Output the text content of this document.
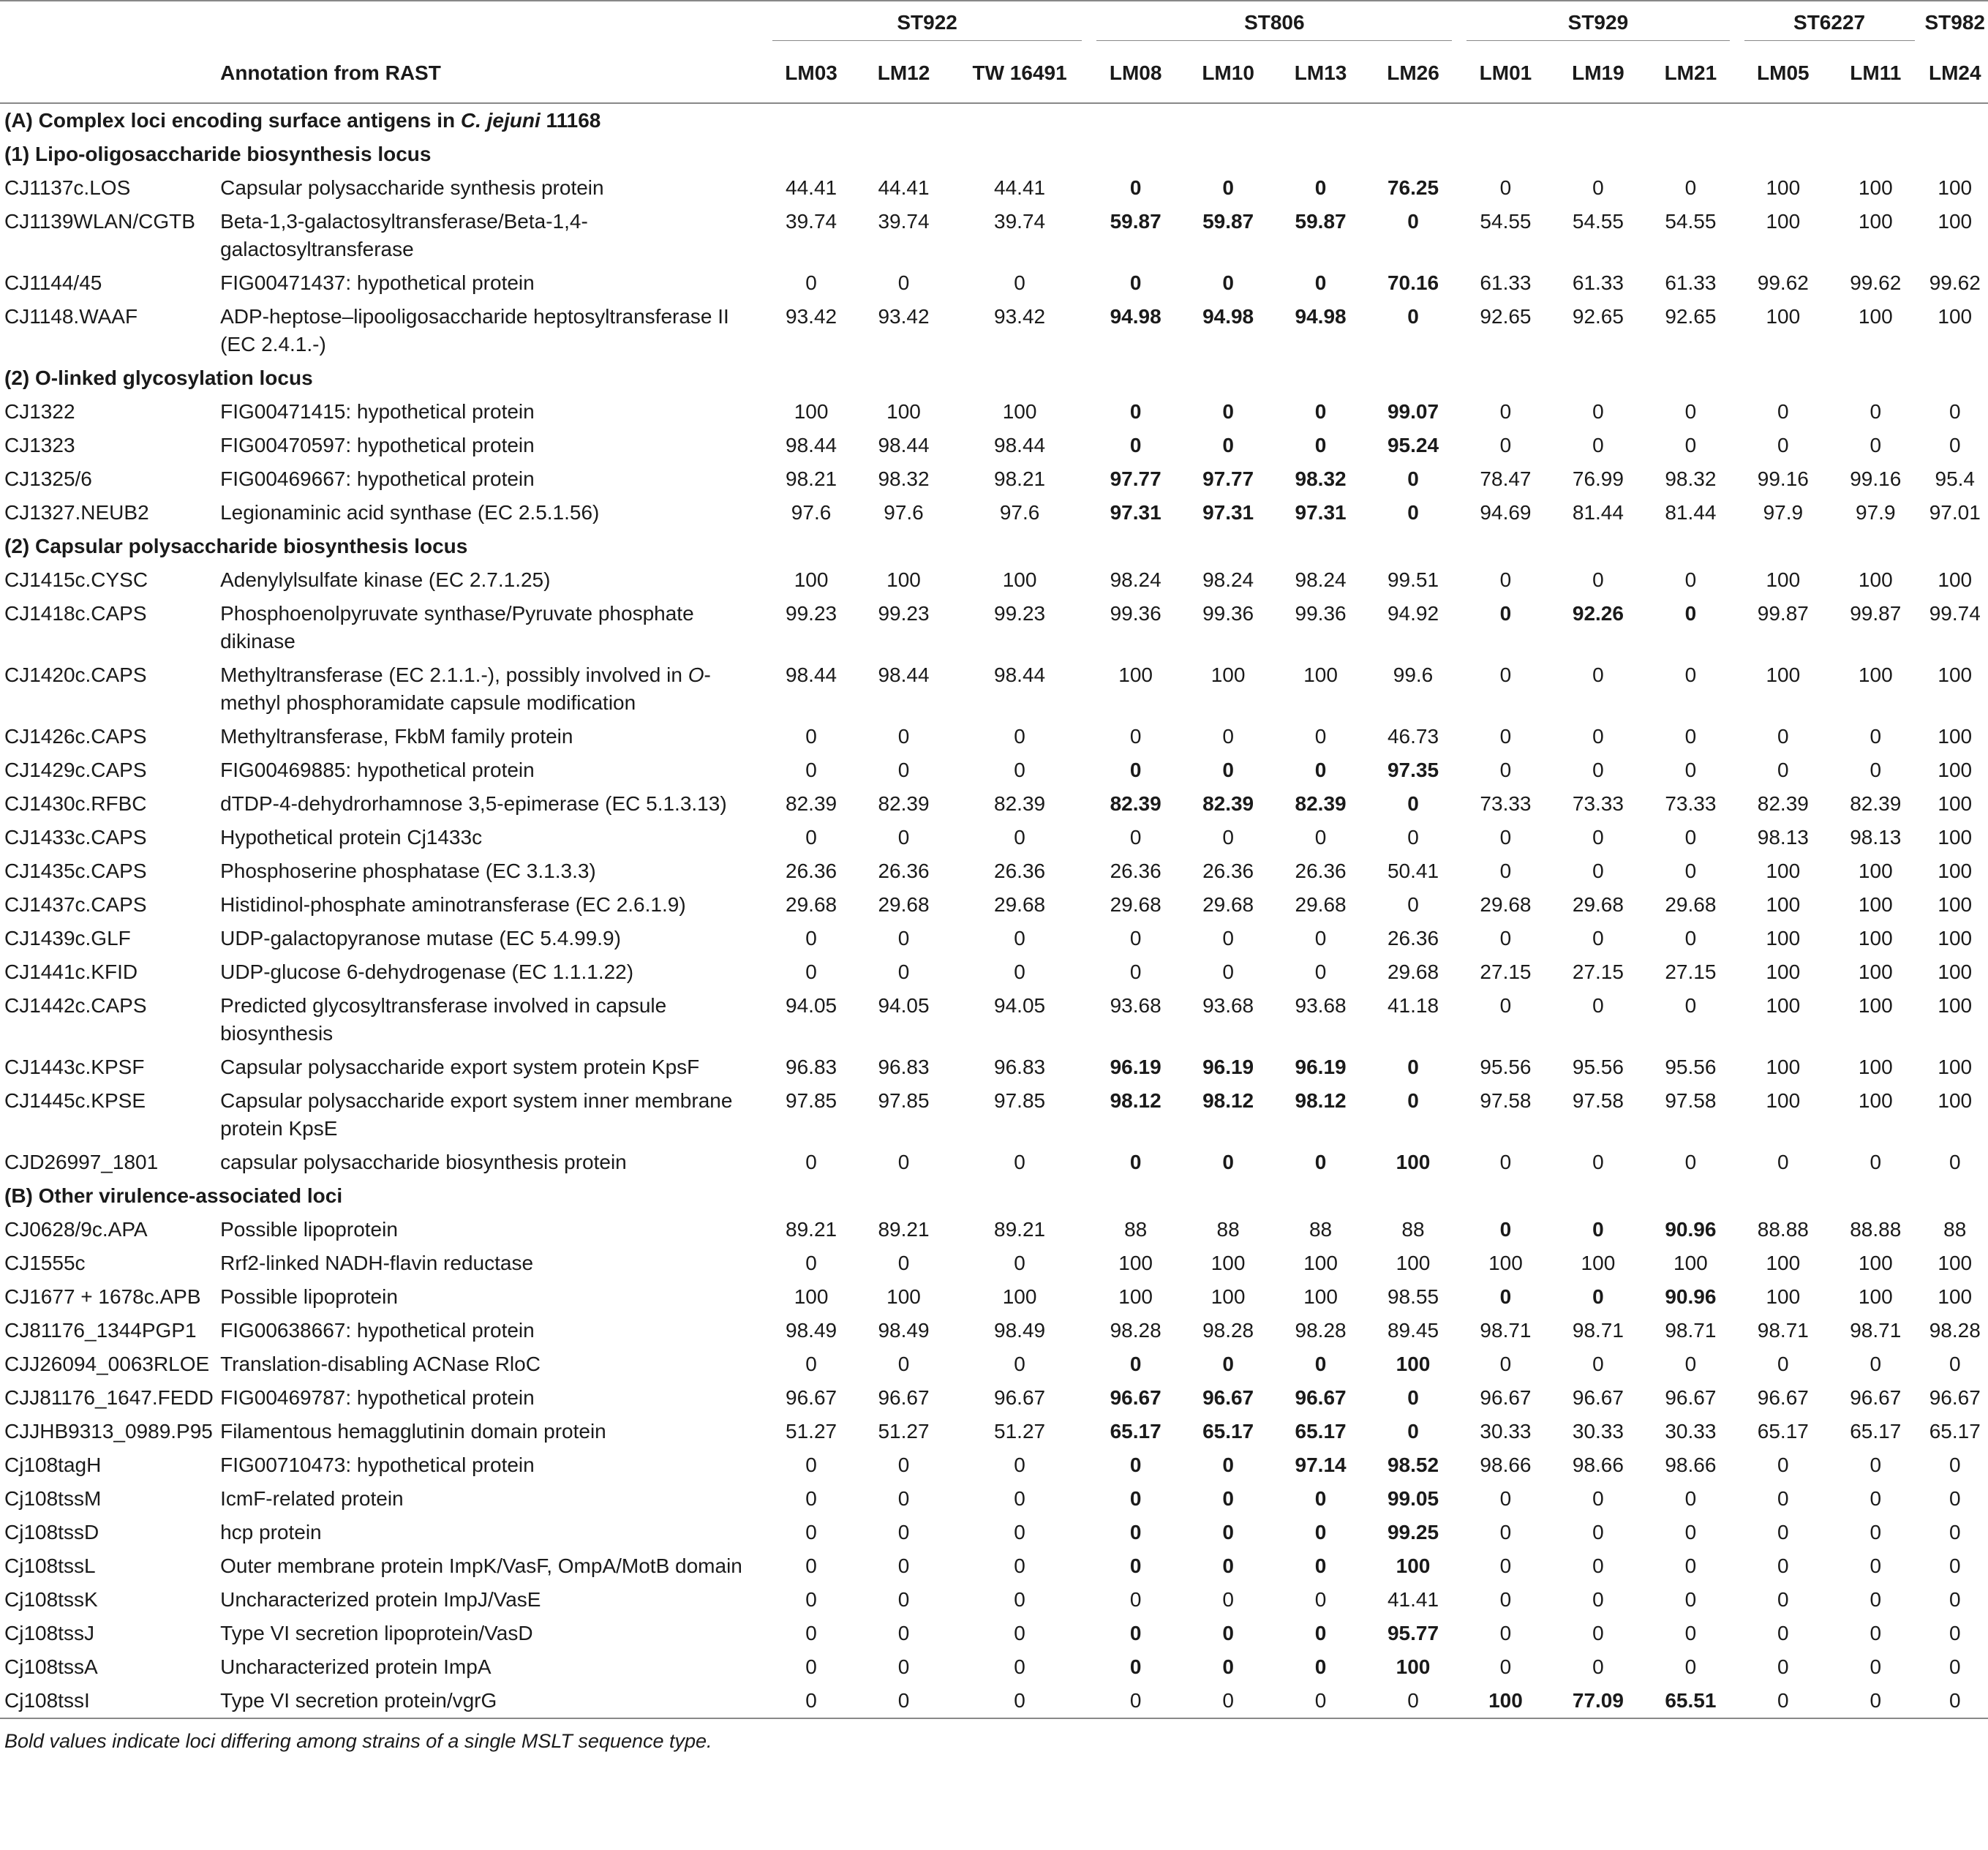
		ST922			ST806				ST929			ST6227		ST982
	Annotation from RAST	LM03	LM12	TW 16491	LM08	LM10	LM13	LM26	LM01	LM19	LM21	LM05	LM11	LM24
(A) Complex loci encoding surface antigens in C. jejuni 11168														
(1) Lipo-oligosaccharide biosynthesis locus														
CJ1137c.LOS	Capsular polysaccharide synthesis protein	44.41	44.41	44.41	0	0	0	76.25	0	0	0	100	100	100
CJ1139WLAN/CGTB	Beta-1,3-galactosyltransferase/Beta-1,4-galactosyltransferase	39.74	39.74	39.74	59.87	59.87	59.87	0	54.55	54.55	54.55	100	100	100
CJ1144/45	FIG00471437: hypothetical protein	0	0	0	0	0	0	70.16	61.33	61.33	61.33	99.62	99.62	99.62
CJ1148.WAAF	ADP-heptose–lipooligosaccharide heptosyltransferase II (EC 2.4.1.-)	93.42	93.42	93.42	94.98	94.98	94.98	0	92.65	92.65	92.65	100	100	100
(2) O-linked glycosylation locus														
CJ1322	FIG00471415: hypothetical protein	100	100	100	0	0	0	99.07	0	0	0	0	0	0
CJ1323	FIG00470597: hypothetical protein	98.44	98.44	98.44	0	0	0	95.24	0	0	0	0	0	0
CJ1325/6	FIG00469667: hypothetical protein	98.21	98.32	98.21	97.77	97.77	98.32	0	78.47	76.99	98.32	99.16	99.16	95.4
CJ1327.NEUB2	Legionaminic acid synthase (EC 2.5.1.56)	97.6	97.6	97.6	97.31	97.31	97.31	0	94.69	81.44	81.44	97.9	97.9	97.01
(2) Capsular polysaccharide biosynthesis locus														
CJ1415c.CYSC	Adenylylsulfate kinase (EC 2.7.1.25)	100	100	100	98.24	98.24	98.24	99.51	0	0	0	100	100	100
CJ1418c.CAPS	Phosphoenolpyruvate synthase/Pyruvate phosphate dikinase	99.23	99.23	99.23	99.36	99.36	99.36	94.92	0	92.26	0	99.87	99.87	99.74
CJ1420c.CAPS	Methyltransferase (EC 2.1.1.-), possibly involved in O-methyl phosphoramidate capsule modification	98.44	98.44	98.44	100	100	100	99.6	0	0	0	100	100	100
CJ1426c.CAPS	Methyltransferase, FkbM family protein	0	0	0	0	0	0	46.73	0	0	0	0	0	100
CJ1429c.CAPS	FIG00469885: hypothetical protein	0	0	0	0	0	0	97.35	0	0	0	0	0	100
CJ1430c.RFBC	dTDP-4-dehydrorhamnose 3,5-epimerase (EC 5.1.3.13)	82.39	82.39	82.39	82.39	82.39	82.39	0	73.33	73.33	73.33	82.39	82.39	100
CJ1433c.CAPS	Hypothetical protein Cj1433c	0	0	0	0	0	0	0	0	0	0	98.13	98.13	100
CJ1435c.CAPS	Phosphoserine phosphatase (EC 3.1.3.3)	26.36	26.36	26.36	26.36	26.36	26.36	50.41	0	0	0	100	100	100
CJ1437c.CAPS	Histidinol-phosphate aminotransferase (EC 2.6.1.9)	29.68	29.68	29.68	29.68	29.68	29.68	0	29.68	29.68	29.68	100	100	100
CJ1439c.GLF	UDP-galactopyranose mutase (EC 5.4.99.9)	0	0	0	0	0	0	26.36	0	0	0	100	100	100
CJ1441c.KFID	UDP-glucose 6-dehydrogenase (EC 1.1.1.22)	0	0	0	0	0	0	29.68	27.15	27.15	27.15	100	100	100
CJ1442c.CAPS	Predicted glycosyltransferase involved in capsule biosynthesis	94.05	94.05	94.05	93.68	93.68	93.68	41.18	0	0	0	100	100	100
CJ1443c.KPSF	Capsular polysaccharide export system protein KpsF	96.83	96.83	96.83	96.19	96.19	96.19	0	95.56	95.56	95.56	100	100	100
CJ1445c.KPSE	Capsular polysaccharide export system inner membrane protein KpsE	97.85	97.85	97.85	98.12	98.12	98.12	0	97.58	97.58	97.58	100	100	100
CJD26997_1801	capsular polysaccharide biosynthesis protein	0	0	0	0	0	0	100	0	0	0	0	0	0
(B) Other virulence-associated loci														
CJ0628/9c.APA	Possible lipoprotein	89.21	89.21	89.21	88	88	88	88	0	0	90.96	88.88	88.88	88
CJ1555c	Rrf2-linked NADH-flavin reductase	0	0	0	100	100	100	100	100	100	100	100	100	100
CJ1677 + 1678c.APB	Possible lipoprotein	100	100	100	100	100	100	98.55	0	0	90.96	100	100	100
CJ81176_1344PGP1	FIG00638667: hypothetical protein	98.49	98.49	98.49	98.28	98.28	98.28	89.45	98.71	98.71	98.71	98.71	98.71	98.28
CJJ26094_0063RLOE	Translation-disabling ACNase RloC	0	0	0	0	0	0	100	0	0	0	0	0	0
CJJ81176_1647.FEDD	FIG00469787: hypothetical protein	96.67	96.67	96.67	96.67	96.67	96.67	0	96.67	96.67	96.67	96.67	96.67	96.67
CJJHB9313_0989.P95	Filamentous hemagglutinin domain protein	51.27	51.27	51.27	65.17	65.17	65.17	0	30.33	30.33	30.33	65.17	65.17	65.17
Cj108tagH	FIG00710473: hypothetical protein	0	0	0	0	0	97.14	98.52	98.66	98.66	98.66	0	0	0
Cj108tssM	IcmF-related protein	0	0	0	0	0	0	99.05	0	0	0	0	0	0
Cj108tssD	hcp protein	0	0	0	0	0	0	99.25	0	0	0	0	0	0
Cj108tssL	Outer membrane protein ImpK/VasF, OmpA/MotB domain	0	0	0	0	0	0	100	0	0	0	0	0	0
Cj108tssK	Uncharacterized protein ImpJ/VasE	0	0	0	0	0	0	41.41	0	0	0	0	0	0
Cj108tssJ	Type VI secretion lipoprotein/VasD	0	0	0	0	0	0	95.77	0	0	0	0	0	0
Cj108tssA	Uncharacterized protein ImpA	0	0	0	0	0	0	100	0	0	0	0	0	0
Cj108tssI	Type VI secretion protein/vgrG	0	0	0	0	0	0	0	100	77.09	65.51	0	0	0
Bold values indicate loci differing among strains of a single MSLT sequence type.														
